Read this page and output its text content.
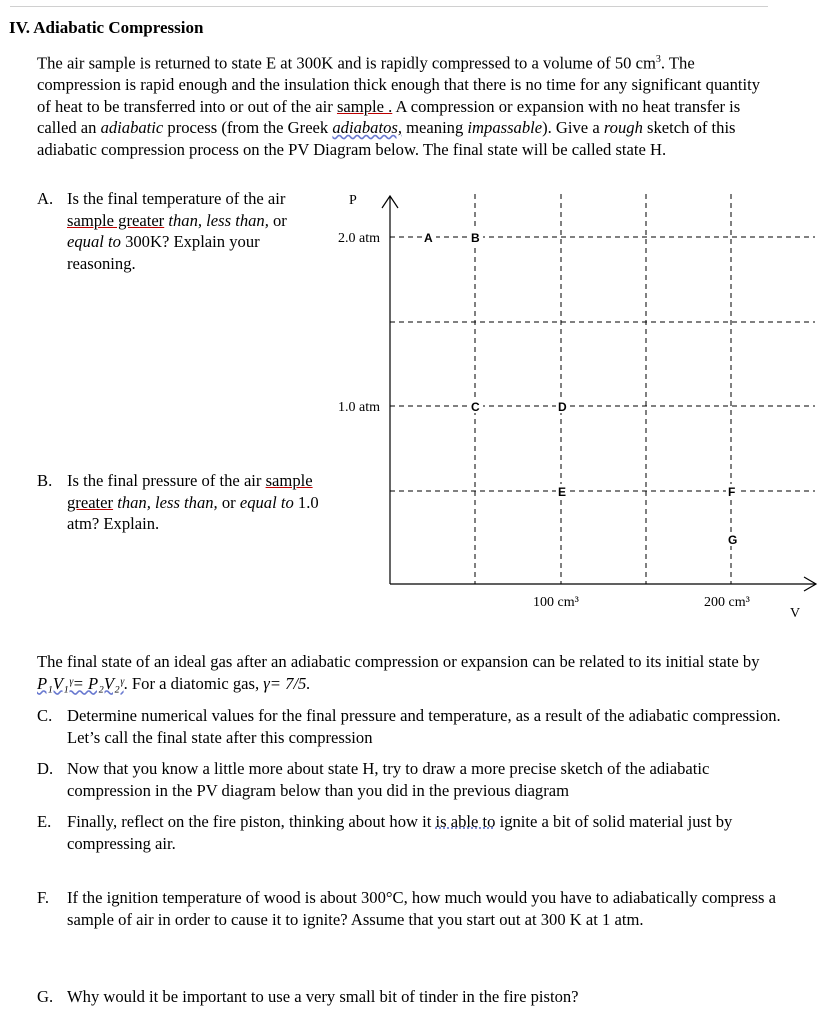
IV. Adiabatic Compression
The air sample is returned to state E at 300K and is rapidly compressed to a volume of 50 $cm^3$. The compression is rapid enough and the insulation thick enough that there is no time for any significant quantity of heat to be transferred into or out of the air sample . A compression or expansion with no heat transfer is called an adiabatic process (from the Greek adiabatos, meaning impassable). Give a rough sketch of this adiabatic compression process on the PV Diagram below. The final state will be called state H.
A. Is the final temperature of the air sample greater than, less than, or equal to 300K? Explain your reasoning.
B. Is the final pressure of the air sample greater than, less than, or equal to 1.0 atm? Explain.
P
V
2.0 atm
1.0 atm
100 cm³	200 cm³
A	B
C	D
E	F
G
The final state of an ideal gas after an adiabatic compression or expansion can be related to its initial state by P₁V₁ᵞ= P₂V₂ᵞ. For a diatomic gas, γ= 7/5.
C. Determine numerical values for the final pressure and temperature, as a result of the adiabatic compression. Let’s call the final state after this compression
D. Now that you know a little more about state H, try to draw a more precise sketch of the adiabatic compression in the PV diagram below than you did in the previous diagram
E. Finally, reflect on the fire piston, thinking about how it is able to ignite a bit of solid material just by compressing air.
F. If the ignition temperature of wood is about 300°C, how much would you have to adiabatically compress a sample of air in order to cause it to ignite? Assume that you start out at 300 K at 1 atm.
G. Why would it be important to use a very small bit of tinder in the fire piston?
